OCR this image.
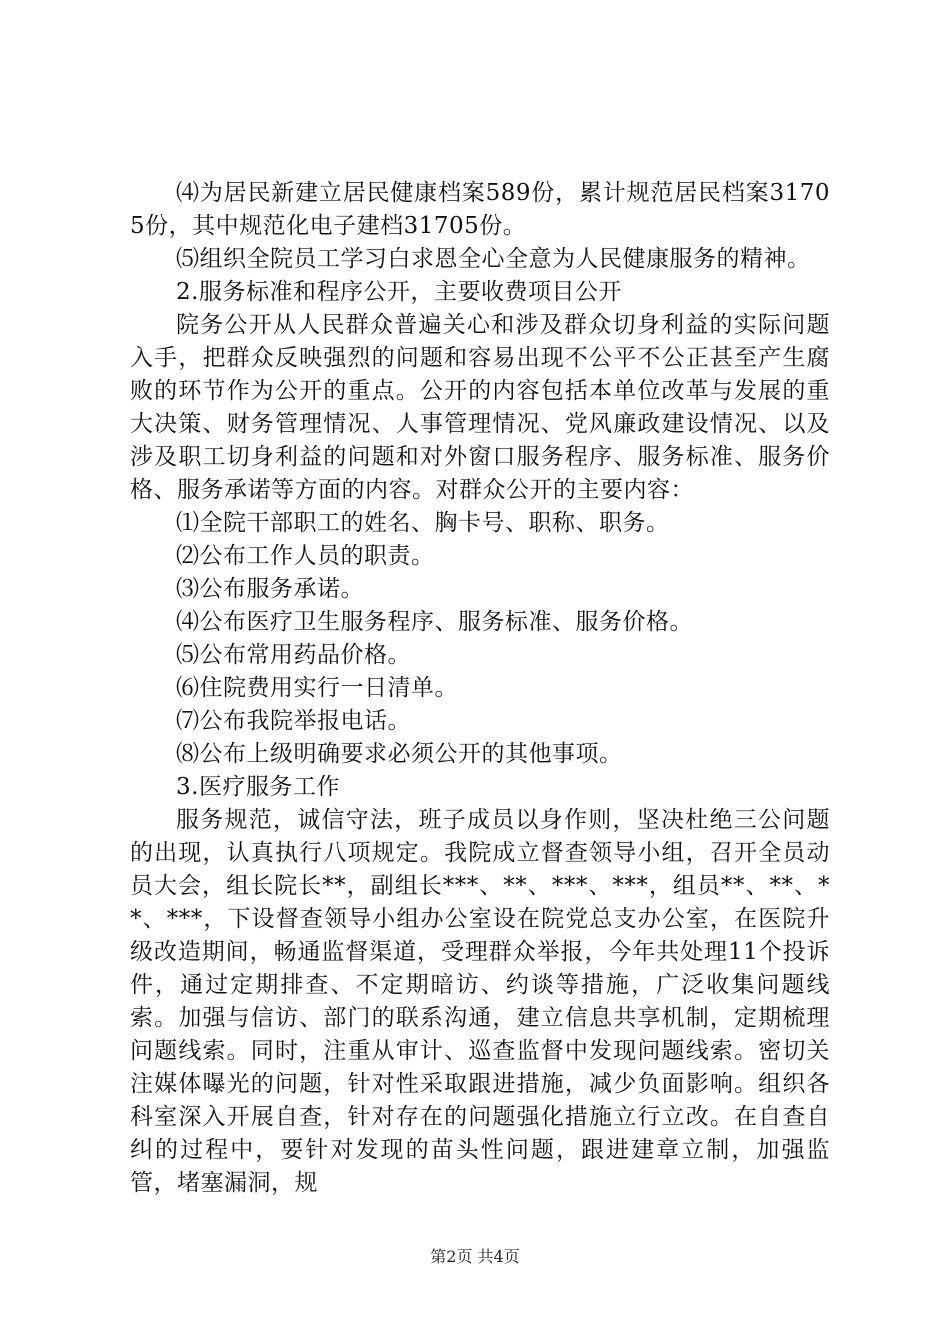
⑷为居民新建立居民健康档案589份，累计规范居民档案31705份，其中规范化电子建档31705份。

⑸组织全院员工学习白求恩全心全意为人民健康服务的精神。

2.服务标准和程序公开，主要收费项目公开

院务公开从人民群众普遍关心和涉及群众切身利益的实际问题入手，把群众反映强烈的问题和容易出现不公平不公正甚至产生腐败的环节作为公开的重点。公开的内容包括本单位改革与发展的重大决策、财务管理情况、人事管理情况、党风廉政建设情况、以及涉及职工切身利益的问题和对外窗口服务程序、服务标准、服务价格、服务承诺等方面的内容。对群众公开的主要内容：

⑴全院干部职工的姓名、胸卡号、职称、职务。

⑵公布工作人员的职责。

⑶公布服务承诺。

⑷公布医疗卫生服务程序、服务标准、服务价格。

⑸公布常用药品价格。

⑹住院费用实行一日清单。

⑺公布我院举报电话。

⑻公布上级明确要求必须公开的其他事项。

3.医疗服务工作

服务规范，诚信守法，班子成员以身作则，坚决杜绝三公问题的出现，认真执行八项规定。我院成立督查领导小组，召开全员动员大会，组长院长**，副组长***、**、***、***，组员**、**、**、***，下设督查领导小组办公室设在院党总支办公室，在医院升级改造期间，畅通监督渠道，受理群众举报，今年共处理11个投诉件，通过定期排查、不定期暗访、约谈等措施，广泛收集问题线索。加强与信访、部门的联系沟通，建立信息共享机制，定期梳理问题线索。同时，注重从审计、巡查监督中发现问题线索。密切关注媒体曝光的问题，针对性采取跟进措施，减少负面影响。组织各科室深入开展自查，针对存在的问题强化措施立行立改。在自查自纠的过程中，要针对发现的苗头性问题，跟进建章立制，加强监管，堵塞漏洞，规

第2页 共4页
